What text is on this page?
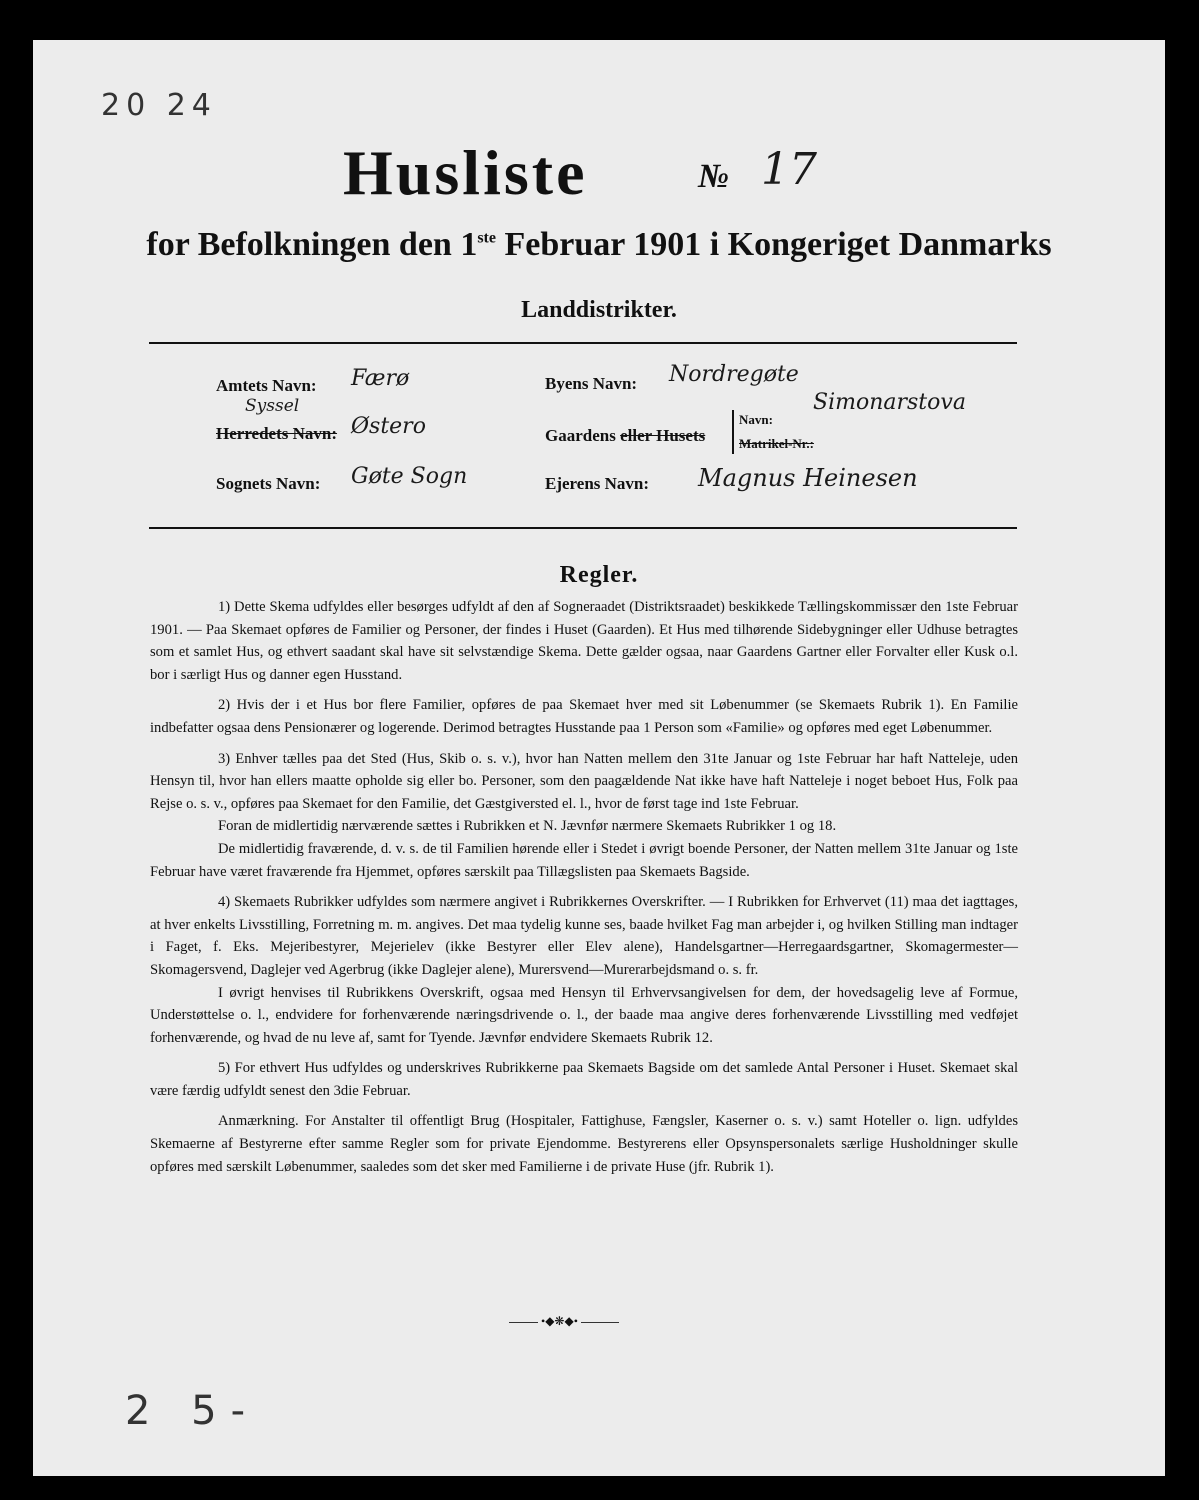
20 24
Husliste	№ 17
for Befolkningen den 1ste Februar 1901 i Kongeriget Danmarks
Landdistrikter.
Amtets Navn: Færø
Syssel
Herredets Navn: Østero
Sognets Navn: Gøte Sogn
Byens Navn: Nordregøte
Gaardens eller Husets
Navn:
Simonarstova
Matrikel-Nr.:
Ejerens Navn: Magnus Heinesen
Regler.

1) Dette Skema udfyldes eller besørges udfyldt af den af Sogneraadet (Distriktsraadet) beskikkede Tællingskommissær den 1ste Februar 1901. — Paa Skemaet opføres de Familier og Personer, der findes i Huset (Gaarden). Et Hus med tilhørende Sidebygninger eller Udhuse betragtes som et samlet Hus, og ethvert saadant skal have sit selvstændige Skema. Dette gælder ogsaa, naar Gaardens Gartner eller Forvalter eller Kusk o.l. bor i særligt Hus og danner egen Husstand.

2) Hvis der i et Hus bor flere Familier, opføres de paa Skemaet hver med sit Løbenummer (se Skemaets Rubrik 1). En Familie indbefatter ogsaa dens Pensionærer og logerende. Derimod betragtes Husstande paa 1 Person som «Familie» og opføres med eget Løbenummer.

3) Enhver tælles paa det Sted (Hus, Skib o. s. v.), hvor han Natten mellem den 31te Januar og 1ste Februar har haft Natteleje, uden Hensyn til, hvor han ellers maatte opholde sig eller bo. Personer, som den paagældende Nat ikke have haft Natteleje i noget beboet Hus, Folk paa Rejse o. s. v., opføres paa Skemaet for den Familie, det Gæstgiversted el. l., hvor de først tage ind 1ste Februar.

Foran de midlertidig nærværende sættes i Rubrikken et N. Jævnfør nærmere Skemaets Rubrikker 1 og 18.

De midlertidig fraværende, d. v. s. de til Familien hørende eller i Stedet i øvrigt boende Personer, der Natten mellem 31te Januar og 1ste Februar have været fraværende fra Hjemmet, opføres særskilt paa Tillægslisten paa Skemaets Bagside.

4) Skemaets Rubrikker udfyldes som nærmere angivet i Rubrikkernes Overskrifter. — I Rubrikken for Erhvervet (11) maa det iagttages, at hver enkelts Livsstilling, Forretning m. m. angives. Det maa tydelig kunne ses, baade hvilket Fag man arbejder i, og hvilken Stilling man indtager i Faget, f. Eks. Mejeribestyrer, Mejerielev (ikke Bestyrer eller Elev alene), Handelsgartner—Herregaardsgartner, Skomagermester—Skomagersvend, Daglejer ved Agerbrug (ikke Daglejer alene), Murersvend—Murerarbejdsmand o. s. fr.

I øvrigt henvises til Rubrikkens Overskrift, ogsaa med Hensyn til Erhvervsangivelsen for dem, der hovedsagelig leve af Formue, Understøttelse o. l., endvidere for forhenværende næringsdrivende o. l., der baade maa angive deres forhenværende Livsstilling med vedføjet forhenværende, og hvad de nu leve af, samt for Tyende. Jævnfør endvidere Skemaets Rubrik 12.

5) For ethvert Hus udfyldes og underskrives Rubrikkerne paa Skemaets Bagside om det samlede Antal Personer i Huset. Skemaet skal være færdig udfyldt senest den 3die Februar.

Anmærkning. For Anstalter til offentligt Brug (Hospitaler, Fattighuse, Fængsler, Kaserner o. s. v.) samt Hoteller o. lign. udfyldes Skemaerne af Bestyrerne efter samme Regler som for private Ejendomme. Bestyrerens eller Opsynspersonalets særlige Husholdninger skulle opføres med særskilt Løbenummer, saaledes som det sker med Familierne i de private Huse (jfr. Rubrik 1).

•◆❋◆•
2 5-
